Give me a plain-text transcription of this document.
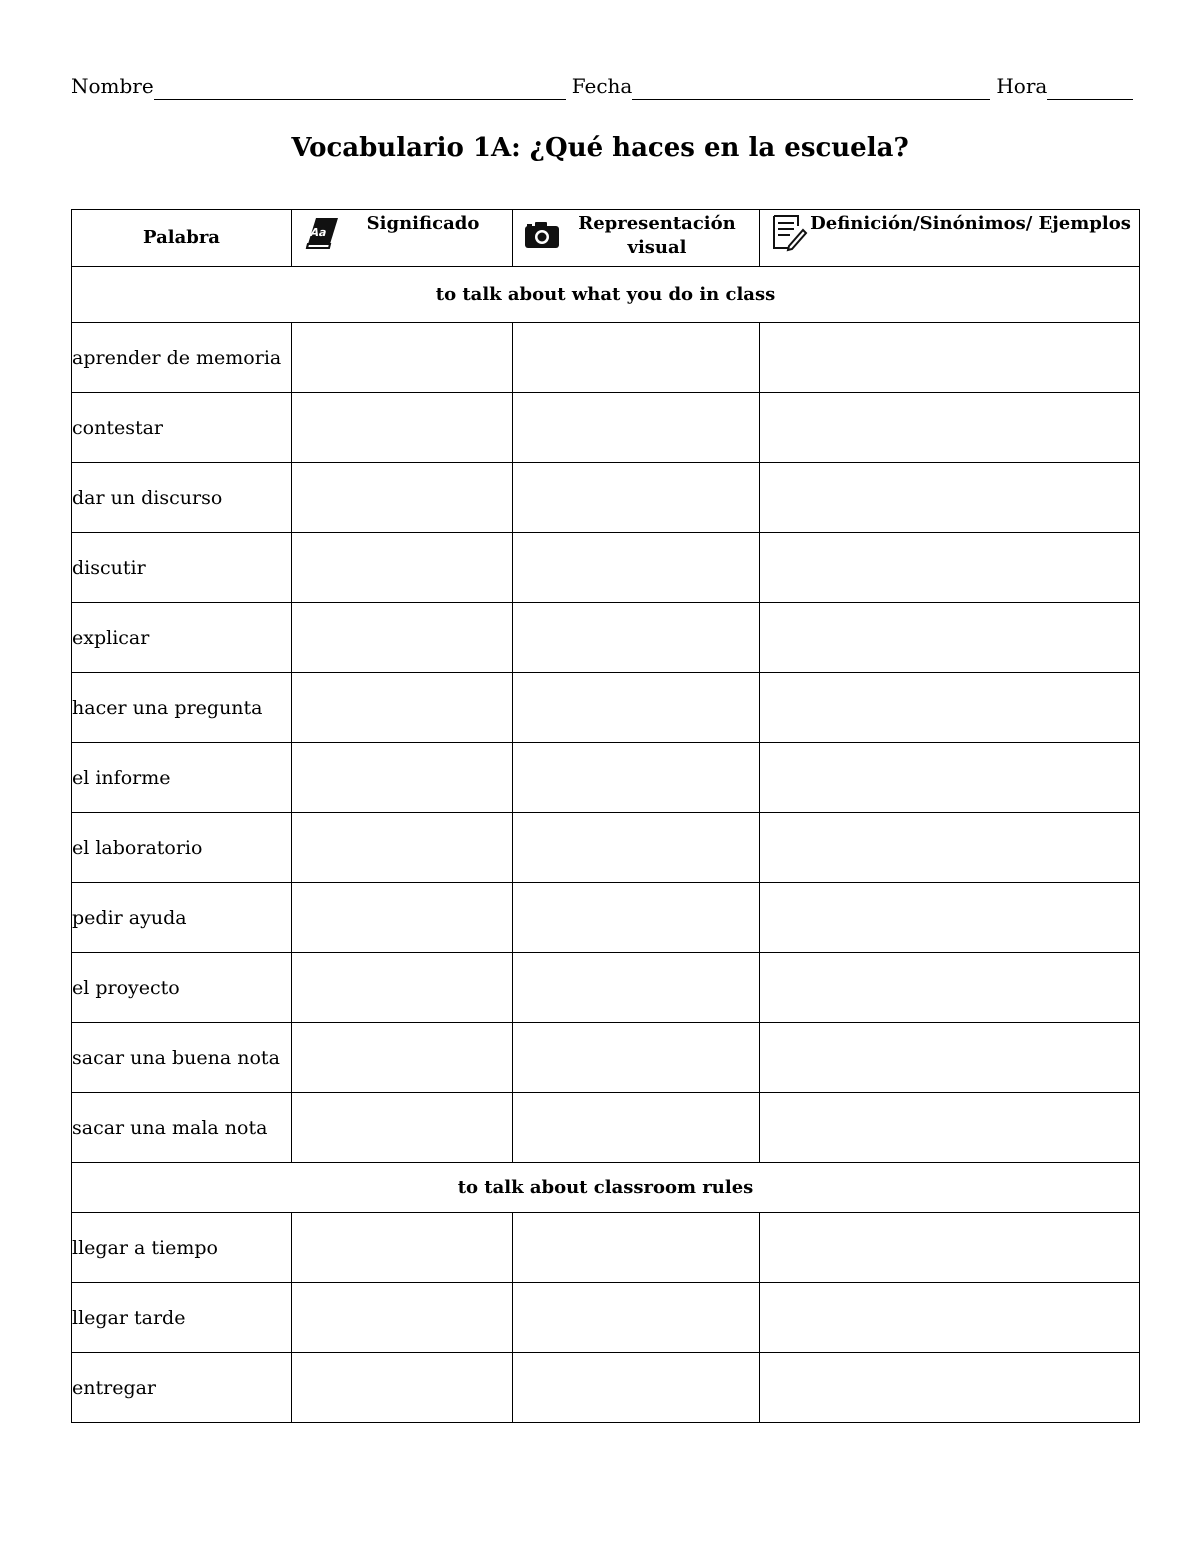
Nombre	Fecha	Hora
Vocabulario 1A: ¿Qué haces en la escuela?
Palabra	Aa Significado	Representación visual	Definición/Sinónimos/ Ejemplos

to talk about what you do in class			
aprender de memoria			
contestar			
dar un discurso			
discutir			
explicar			
hacer una pregunta			
el informe			
el laboratorio			
pedir ayuda			
el proyecto			
sacar una buena nota			
sacar una mala nota			
to talk about classroom rules			
llegar a tiempo			
llegar tarde			
entregar			
